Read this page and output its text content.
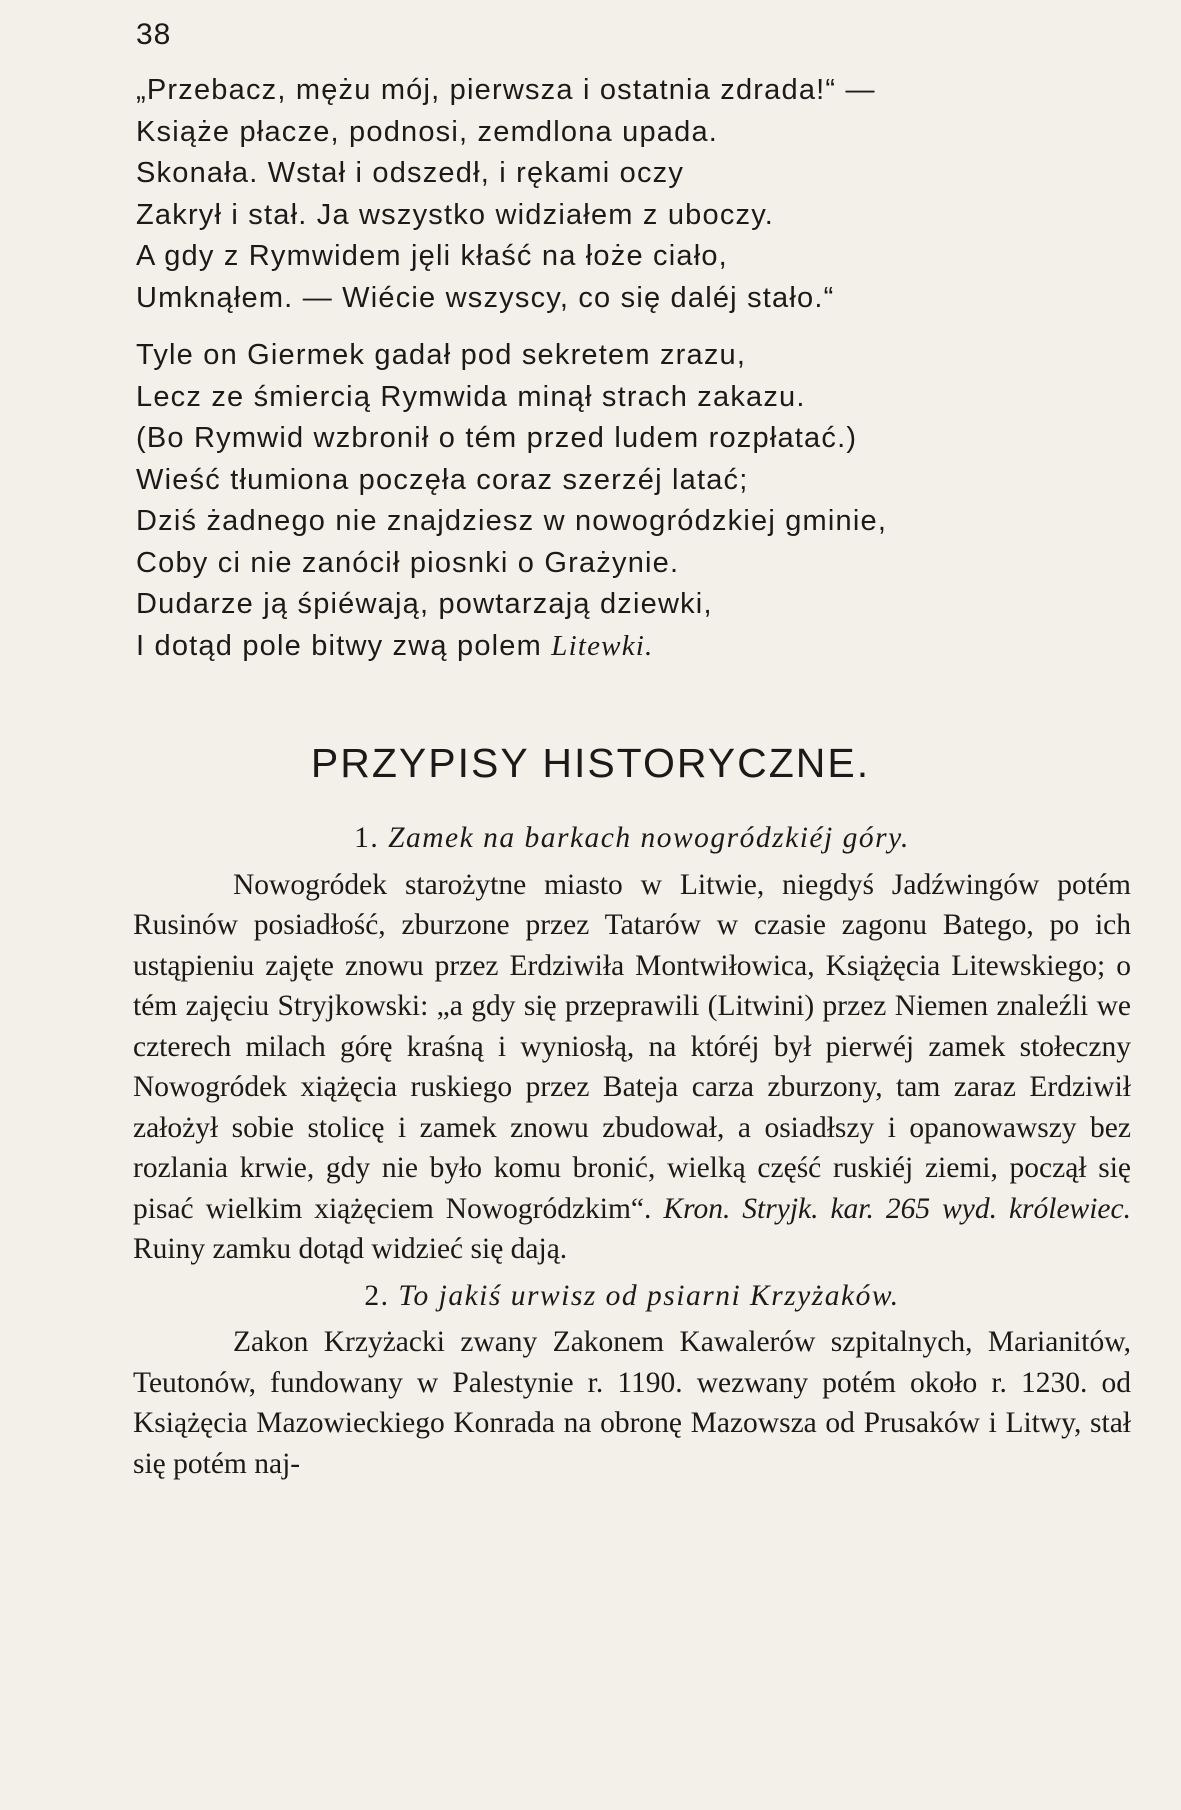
38
„Przebacz, mężu mój, pierwsza i ostatnia zdrada!“ —
Książe płacze, podnosi, zemdlona upada.
Skonała. Wstał i odszedł, i rękami oczy
Zakrył i stał. Ja wszystko widziałem z uboczy.
A gdy z Rymwidem jęli kłaść na łoże ciało,
Umknąłem. — Wiécie wszyscy, co się daléj stało.“
Tyle on Giermek gadał pod sekretem zrazu,
Lecz ze śmiercią Rymwida minął strach zakazu.
(Bo Rymwid wzbronił o tém przed ludem rozpłatać.)
Wieść tłumiona poczęła coraz szerzéj latać;
Dziś żadnego nie znajdziesz w nowogródzkiej gminie,
Coby ci nie zanócił piosnki o Grażynie.
Dudarze ją śpiéwają, powtarzają dziewki,
I dotąd pole bitwy zwą polem Litewki.
PRZYPISY HISTORYCZNE.

1. Zamek na barkach nowogródzkiéj góry.

Nowogródek starożytne miasto w Litwie, niegdyś Jadźwingów potém Rusinów posiadłość, zburzone przez Tatarów w czasie zagonu Batego, po ich ustąpieniu zajęte znowu przez Erdziwiła Montwiłowica, Książęcia Litewskiego; o tém zajęciu Stryjkowski: „a gdy się przeprawili (Litwini) przez Niemen znaleźli we czterech milach górę kraśną i wyniosłą, na któréj był pierwéj zamek stołeczny Nowogródek xiążęcia ruskiego przez Bateja carza zburzony, tam zaraz Erdziwił założył sobie stolicę i zamek znowu zbudował, a osiadłszy i opanowawszy bez rozlania krwie, gdy nie było komu bronić, wielką część ruskiéj ziemi, począł się pisać wielkim xiążęciem Nowogródzkim“. Kron. Stryjk. kar. 265 wyd. królewiec. Ruiny zamku dotąd widzieć się dają.

2. To jakiś urwisz od psiarni Krzyżaków.

Zakon Krzyżacki zwany Zakonem Kawalerów szpitalnych, Marianitów, Teutonów, fundowany w Palestynie r. 1190. wezwany potém około r. 1230. od Książęcia Mazowieckiego Konrada na obronę Mazowsza od Prusaków i Litwy, stał się potém naj-
